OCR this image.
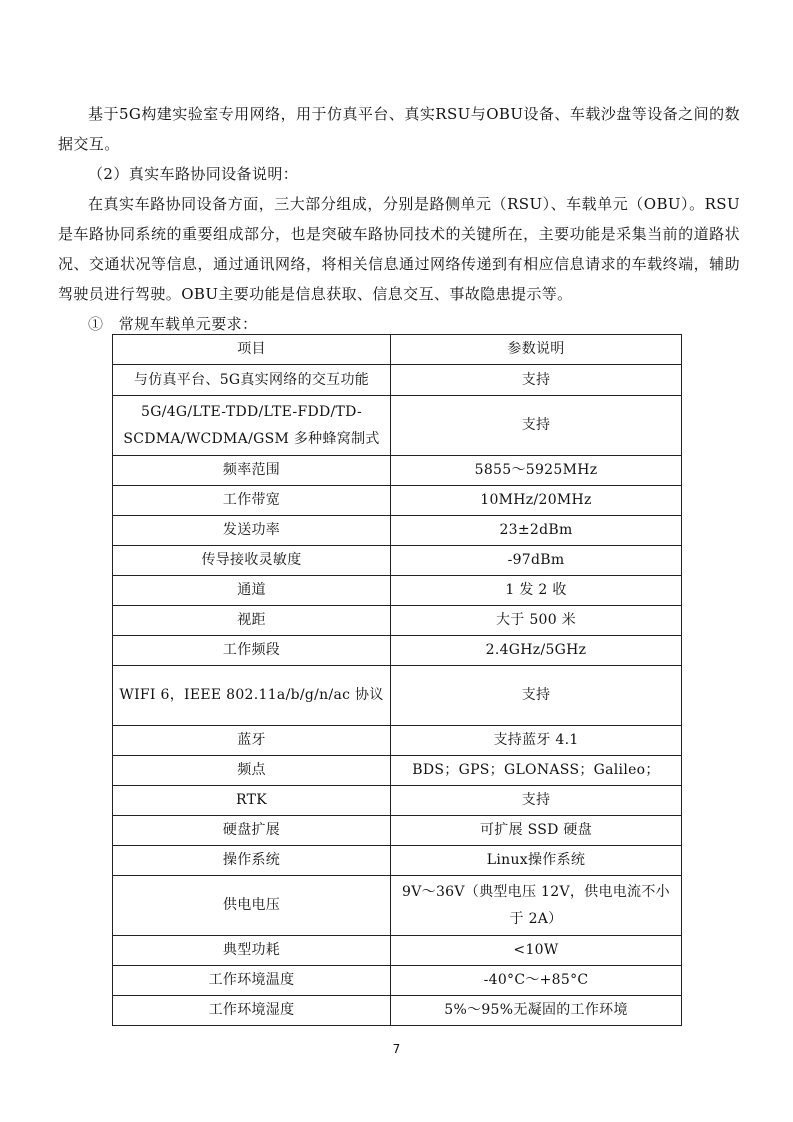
基于5G构建实验室专用网络，用于仿真平台、真实RSU与OBU设备、车载沙盘等设备之间的数据交互。

（2）真实车路协同设备说明：

在真实车路协同设备方面，三大部分组成，分别是路侧单元（RSU）、车载单元（OBU）。RSU是车路协同系统的重要组成部分，也是突破车路协同技术的关键所在，主要功能是采集当前的道路状况、交通状况等信息，通过通讯网络，将相关信息通过网络传递到有相应信息请求的车载终端，辅助驾驶员进行驾驶。OBU主要功能是信息获取、信息交互、事故隐患提示等。

①　常规车载单元要求：

项目	参数说明
与仿真平台、5G真实网络的交互功能	支持
5G/4G/LTE-TDD/LTE-FDD/TD-SCDMA/WCDMA/GSM 多种蜂窝制式	支持
频率范围	5855～5925MHz
工作带宽	10MHz/20MHz
发送功率	23±2dBm
传导接收灵敏度	-97dBm
通道	1 发 2 收
视距	大于 500 米
工作频段	2.4GHz/5GHz
WIFI 6，IEEE 802.11a/b/g/n/ac 协议	支持
蓝牙	支持蓝牙 4.1
频点	BDS；GPS；GLONASS；Galileo；
RTK	支持
硬盘扩展	可扩展 SSD 硬盘
操作系统	Linux操作系统
供电电压	9V～36V（典型电压 12V，供电电流不小于 2A）
典型功耗	<10W
工作环境温度	-40°C～+85°C
工作环境湿度	5%～95%无凝固的工作环境
7
